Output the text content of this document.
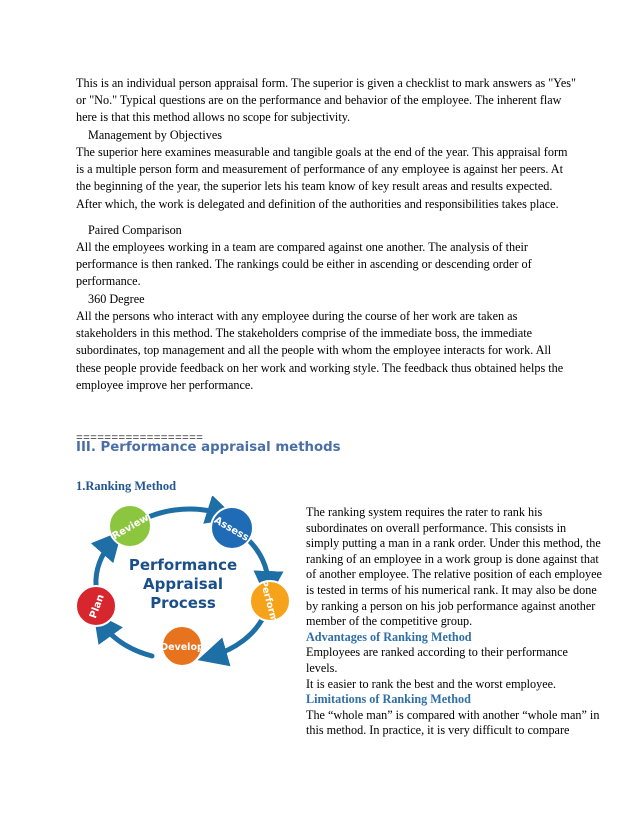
This is an individual person appraisal form. The superior is given a checklist to mark answers as "Yes" or "No." Typical questions are on the performance and behavior of the employee. The inherent flaw here is that this method allows no scope for subjectivity.

Management by Objectives

The superior here examines measurable and tangible goals at the end of the year. This appraisal form is a multiple person form and measurement of performance of any employee is against her peers. At the beginning of the year, the superior lets his team know of key result areas and results expected. After which, the work is delegated and definition of the authorities and responsibilities takes place.

Paired Comparison

All the employees working in a team are compared against one another. The analysis of their performance is then ranked. The rankings could be either in ascending or descending order of performance.

360 Degree

All the persons who interact with any employee during the course of her work are taken as stakeholders in this method. The stakeholders comprise of the immediate boss, the immediate subordinates, top management and all the people with whom the employee interacts for work. All these people provide feedback on her work and working style. The feedback thus obtained helps the employee improve her performance.

==================
III. Performance appraisal methods
1.Ranking Method
Review	Assess
Perform
Develop
Plan
Performance
Appraisal
Process

The ranking system requires the rater to rank his subordinates on overall performance. This consists in simply putting a man in a rank order. Under this method, the ranking of an employee in a work group is done against that of another employee. The relative position of each employee is tested in terms of his numerical rank. It may also be done by ranking a person on his job performance against another member of the competitive group.

Advantages of Ranking Method

Employees are ranked according to their performance levels.

It is easier to rank the best and the worst employee.

Limitations of Ranking Method

The “whole man” is compared with another “whole man” in this method. In practice, it is very difficult to compare
